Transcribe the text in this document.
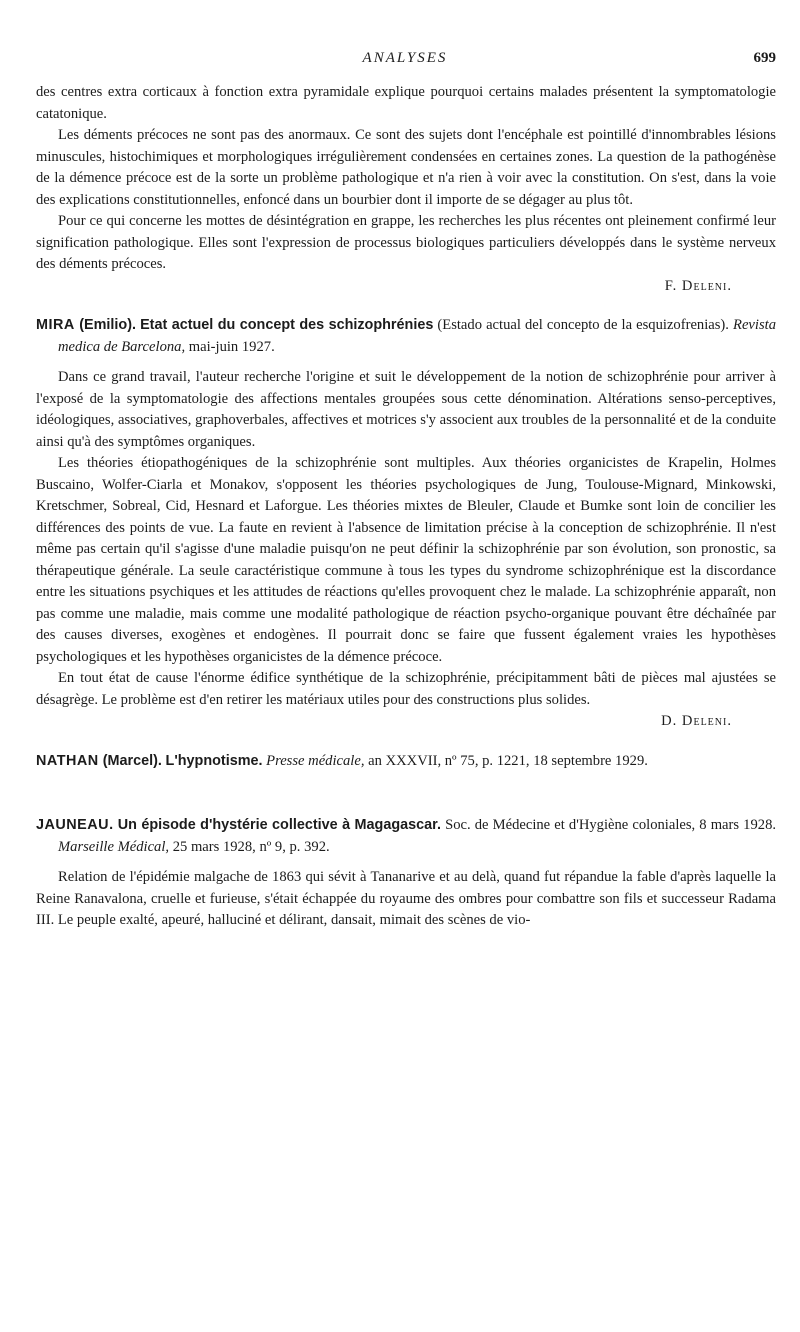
ANALYSES	699

des centres extra corticaux à fonction extra pyramidale explique pourquoi certains malades présentent la symptomatologie catatonique.

Les déments précoces ne sont pas des anormaux. Ce sont des sujets dont l'encéphale est pointillé d'innombrables lésions minuscules, histochimiques et morphologiques irrégulièrement condensées en certaines zones. La question de la pathogénèse de la démence précoce est de la sorte un problème pathologique et n'a rien à voir avec la constitution. On s'est, dans la voie des explications constitutionnelles, enfoncé dans un bourbier dont il importe de se dégager au plus tôt.

Pour ce qui concerne les mottes de désintégration en grappe, les recherches les plus récentes ont pleinement confirmé leur signification pathologique. Elles sont l'expression de processus biologiques particuliers développés dans le système nerveux des déments précoces.

F. Deleni.

MIRA (Emilio). Etat actuel du concept des schizophrénies (Estado actual del concepto de la esquizofrenias). Revista medica de Barcelona, mai-juin 1927.

Dans ce grand travail, l'auteur recherche l'origine et suit le développement de la notion de schizophrénie pour arriver à l'exposé de la symptomatologie des affections mentales groupées sous cette dénomination. Altérations senso-perceptives, idéologiques, associatives, graphoverbales, affectives et motrices s'y associent aux troubles de la personnalité et de la conduite ainsi qu'à des symptômes organiques.

Les théories étiopathogéniques de la schizophrénie sont multiples. Aux théories organicistes de Krapelin, Holmes Buscaino, Wolfer-Ciarla et Monakov, s'opposent les théories psychologiques de Jung, Toulouse-Mignard, Minkowski, Kretschmer, Sobreal, Cid, Hesnard et Laforgue. Les théories mixtes de Bleuler, Claude et Bumke sont loin de concilier les différences des points de vue. La faute en revient à l'absence de limitation précise à la conception de schizophrénie. Il n'est même pas certain qu'il s'agisse d'une maladie puisqu'on ne peut définir la schizophrénie par son évolution, son pronostic, sa thérapeutique générale. La seule caractéristique commune à tous les types du syndrome schizophrénique est la discordance entre les situations psychiques et les attitudes de réactions qu'elles provoquent chez le malade. La schizophrénie apparaît, non pas comme une maladie, mais comme une modalité pathologique de réaction psycho-organique pouvant être déchaînée par des causes diverses, exogènes et endogènes. Il pourrait donc se faire que fussent également vraies les hypothèses psychologiques et les hypothèses organicistes de la démence précoce.

En tout état de cause l'énorme édifice synthétique de la schizophrénie, précipitamment bâti de pièces mal ajustées se désagrège. Le problème est d'en retirer les matériaux utiles pour des constructions plus solides.

D. Deleni.

NATHAN (Marcel). L'hypnotisme. Presse médicale, an XXXVII, nº 75, p. 1221, 18 septembre 1929.

JAUNEAU. Un épisode d'hystérie collective à Magagascar. Soc. de Médecine et d'Hygiène coloniales, 8 mars 1928. Marseille Médical, 25 mars 1928, nº 9, p. 392.

Relation de l'épidémie malgache de 1863 qui sévit à Tananarive et au delà, quand fut répandue la fable d'après laquelle la Reine Ranavalona, cruelle et furieuse, s'était échappée du royaume des ombres pour combattre son fils et successeur Radama III. Le peuple exalté, apeuré, halluciné et délirant, dansait, mimait des scènes de vio-
